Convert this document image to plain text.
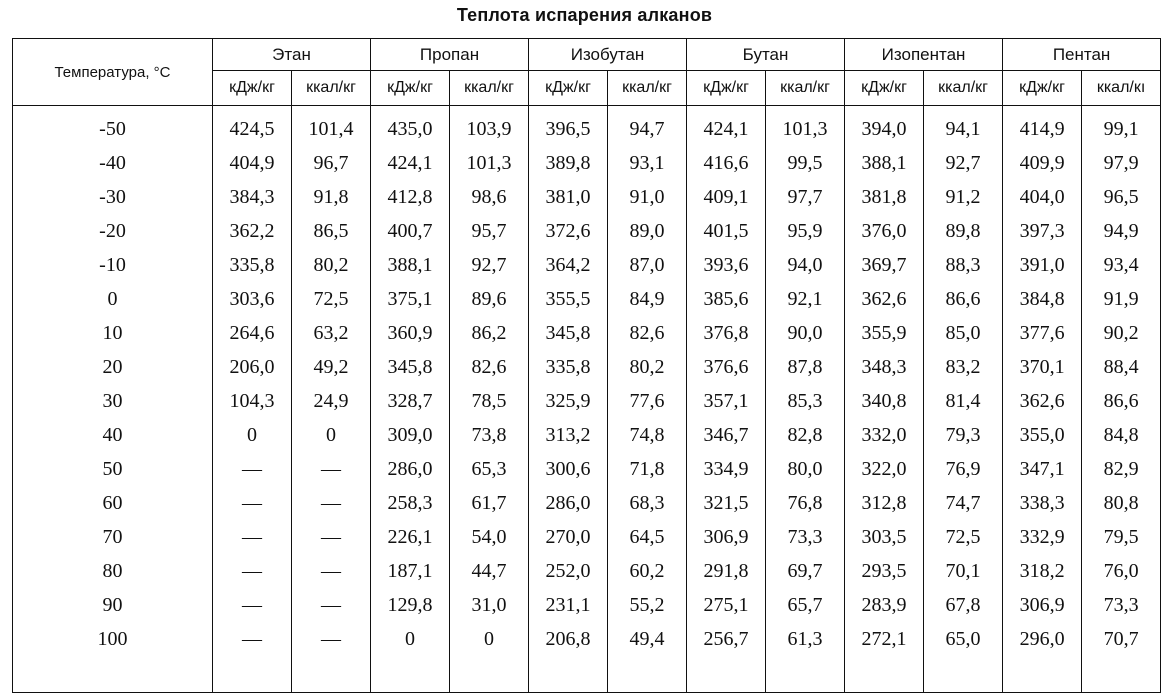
Теплота испарения алканов
Температура, °C	Этан		Пропан		Изобутан		Бутан		Изопентан		Пентан	
	кДж/кг	ккал/кг	кДж/кг	ккал/кг	кДж/кг	ккал/кг	кДж/кг	ккал/кг	кДж/кг	ккал/кг	кДж/кг	ккал/кı
-50	424,5	101,4	435,0	103,9	396,5	94,7	424,1	101,3	394,0	94,1	414,9	99,1
-40	404,9	96,7	424,1	101,3	389,8	93,1	416,6	99,5	388,1	92,7	409,9	97,9
-30	384,3	91,8	412,8	98,6	381,0	91,0	409,1	97,7	381,8	91,2	404,0	96,5
-20	362,2	86,5	400,7	95,7	372,6	89,0	401,5	95,9	376,0	89,8	397,3	94,9
-10	335,8	80,2	388,1	92,7	364,2	87,0	393,6	94,0	369,7	88,3	391,0	93,4
0	303,6	72,5	375,1	89,6	355,5	84,9	385,6	92,1	362,6	86,6	384,8	91,9
10	264,6	63,2	360,9	86,2	345,8	82,6	376,8	90,0	355,9	85,0	377,6	90,2
20	206,0	49,2	345,8	82,6	335,8	80,2	376,6	87,8	348,3	83,2	370,1	88,4
30	104,3	24,9	328,7	78,5	325,9	77,6	357,1	85,3	340,8	81,4	362,6	86,6
40	0	0	309,0	73,8	313,2	74,8	346,7	82,8	332,0	79,3	355,0	84,8
50	—	—	286,0	65,3	300,6	71,8	334,9	80,0	322,0	76,9	347,1	82,9
60	—	—	258,3	61,7	286,0	68,3	321,5	76,8	312,8	74,7	338,3	80,8
70	—	—	226,1	54,0	270,0	64,5	306,9	73,3	303,5	72,5	332,9	79,5
80	—	—	187,1	44,7	252,0	60,2	291,8	69,7	293,5	70,1	318,2	76,0
90	—	—	129,8	31,0	231,1	55,2	275,1	65,7	283,9	67,8	306,9	73,3
100	—	—	0	0	206,8	49,4	256,7	61,3	272,1	65,0	296,0	70,7
